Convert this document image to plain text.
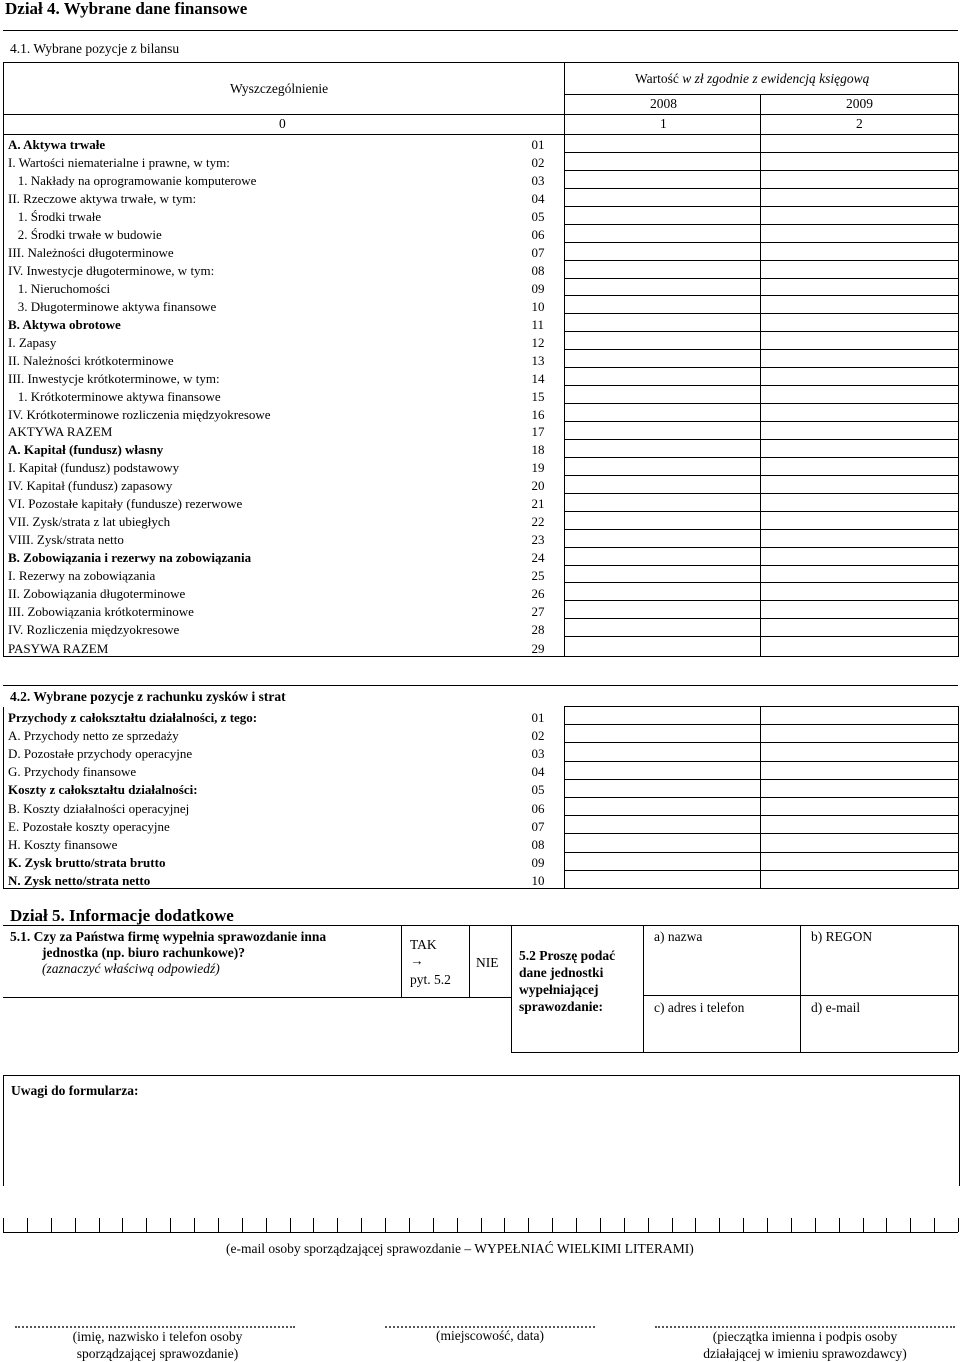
Dział 4. Wybrane dane finansowe
4.1. Wybrane pozycje z bilansu
Wyszczególnienie
Wartość w zł zgodnie z ewidencją księgową
2008	2009
0	1	2
A. Aktywa trwałe	01		
I. Wartości niematerialne i prawne, w tym:	02		
1. Nakłady na oprogramowanie komputerowe	03		
II. Rzeczowe aktywa trwałe, w tym:	04		
1. Środki trwałe	05		
2. Środki trwałe w budowie	06		
III. Należności długoterminowe	07		
IV. Inwestycje długoterminowe, w tym:	08		
1. Nieruchomości	09		
3. Długoterminowe aktywa finansowe	10		
B. Aktywa obrotowe	11		
I. Zapasy	12		
II. Należności krótkoterminowe	13		
III. Inwestycje krótkoterminowe, w tym:	14		
1. Krótkoterminowe aktywa finansowe	15		
IV. Krótkoterminowe rozliczenia międzyokresowe	16		
AKTYWA RAZEM	17		
A. Kapitał (fundusz) własny	18		
I. Kapitał (fundusz) podstawowy	19		
IV. Kapitał (fundusz) zapasowy	20		
VI. Pozostałe kapitały (fundusze) rezerwowe	21		
VII. Zysk/strata z lat ubiegłych	22		
VIII. Zysk/strata netto	23		
B. Zobowiązania i rezerwy na zobowiązania	24		
I. Rezerwy na zobowiązania	25		
II. Zobowiązania długoterminowe	26		
III. Zobowiązania krótkoterminowe	27		
IV. Rozliczenia międzyokresowe	28		
PASYWA RAZEM	29		
4.2. Wybrane pozycje z rachunku zysków i strat
Przychody z całokształtu działalności, z tego:	01		
A. Przychody netto ze sprzedaży	02		
D. Pozostałe przychody operacyjne	03		
G. Przychody finansowe	04		
Koszty z całokształtu działalności:	05		
B. Koszty działalności operacyjnej	06		
E. Pozostałe koszty operacyjne	07		
H. Koszty finansowe	08		
K. Zysk brutto/strata brutto	09		
N. Zysk netto/strata netto	10		
Dział 5. Informacje dodatkowe
5.1. Czy za Państwa firmę wypełnia sprawozdanie inna
jednostka (np. biuro rachunkowe)?
(zaznaczyć właściwą odpowiedź)
TAK
→
pyt. 5.2
NIE 5.2 Proszę podać dane jednostki wypełniającej sprawozdanie:
a) nazwa	b) REGON
c) adres i telefon	d) e-mail
Uwagi do formularza:
(e-mail osoby sporządzającej sprawozdanie – WYPEŁNIAĆ WIELKIMI LITERAMI)
(imię, nazwisko i telefon osoby
sporządzającej sprawozdanie)
(miejscowość, data)	(pieczątka imienna i podpis osoby
działającej w imieniu sprawozdawcy)
